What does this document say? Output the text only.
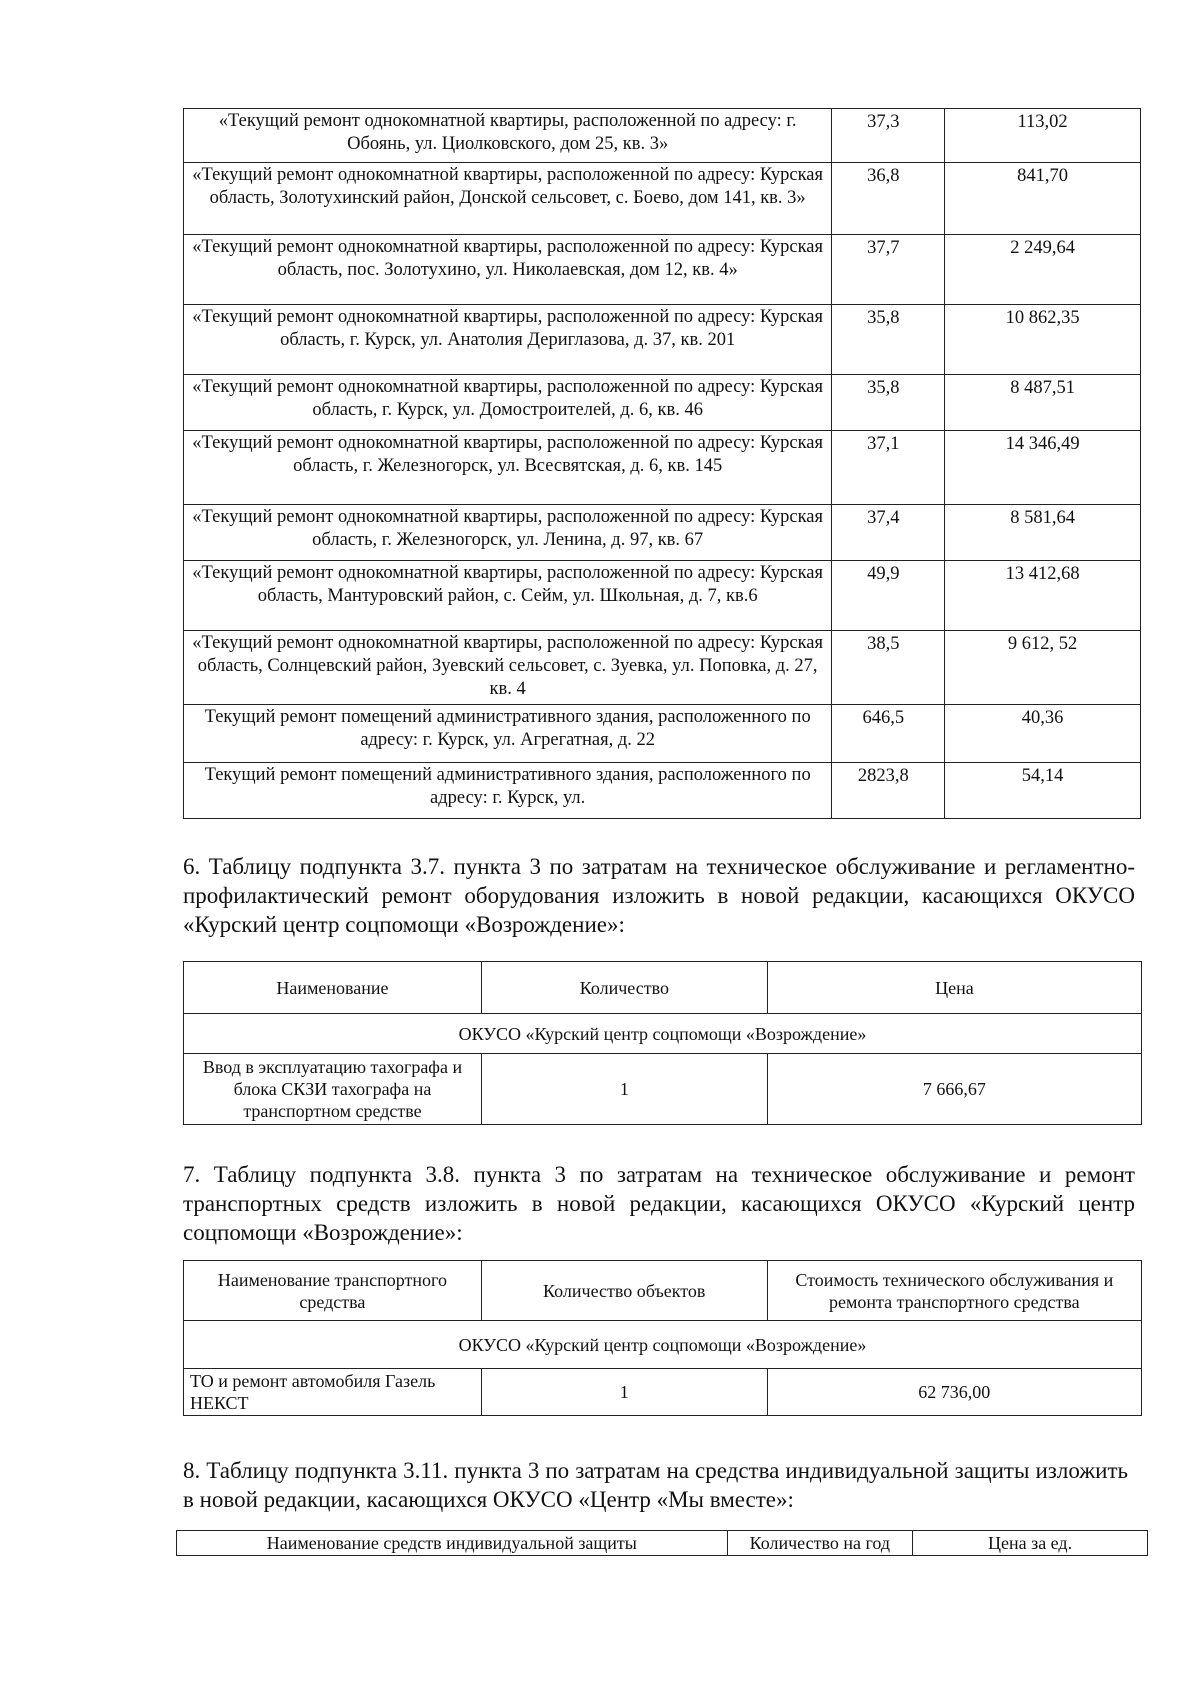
«Текущий ремонт однокомнатной квартиры, расположенной по адресу: г. Обоянь, ул. Циолковского, дом 25, кв. 3»	37,3	113,02
«Текущий ремонт однокомнатной квартиры, расположенной по адресу: Курская область, Золотухинский район, Донской сельсовет, с. Боево, дом 141, кв. 3»	36,8	841,70
«Текущий ремонт однокомнатной квартиры, расположенной по адресу: Курская область, пос. Золотухино, ул. Николаевская, дом 12, кв. 4»	37,7	2 249,64
«Текущий ремонт однокомнатной квартиры, расположенной по адресу: Курская область, г. Курск, ул. Анатолия Дериглазова, д. 37, кв. 201	35,8	10 862,35
«Текущий ремонт однокомнатной квартиры, расположенной по адресу: Курская область, г. Курск, ул. Домостроителей, д. 6, кв. 46	35,8	8 487,51
«Текущий ремонт однокомнатной квартиры, расположенной по адресу: Курская область, г. Железногорск, ул. Всесвятская, д. 6, кв. 145	37,1	14 346,49
«Текущий ремонт однокомнатной квартиры, расположенной по адресу: Курская область, г. Железногорск, ул. Ленина, д. 97, кв. 67	37,4	8 581,64
«Текущий ремонт однокомнатной квартиры, расположенной по адресу: Курская область, Мантуровский район, с. Сейм, ул. Школьная, д. 7, кв.6	49,9	13 412,68
«Текущий ремонт однокомнатной квартиры, расположенной по адресу: Курская область, Солнцевский район, Зуевский сельсовет, с. Зуевка, ул. Поповка, д. 27, кв. 4	38,5	9 612, 52
Текущий ремонт помещений административного здания, расположенного по адресу: г. Курск, ул. Агрегатная, д. 22	646,5	40,36
Текущий ремонт помещений административного здания, расположенного по адресу: г. Курск, ул.	2823,8	54,14

6. Таблицу подпункта 3.7. пункта 3 по затратам на техническое обслуживание и регламентно-профилактический ремонт оборудования изложить в новой редакции, касающихся ОКУСО «Курский центр соцпомощи «Возрождение»:

Наименование	Количество	Цена
ОКУСО «Курский центр соцпомощи «Возрождение»		
Ввод в эксплуатацию тахографа и блока СКЗИ тахографа на транспортном средстве	1	7 666,67

7. Таблицу подпункта 3.8. пункта 3 по затратам на техническое обслуживание и ремонт транспортных средств изложить в новой редакции, касающихся ОКУСО «Курский центр соцпомощи «Возрождение»:

Наименование транспортного средства	Количество объектов	Стоимость технического обслуживания и ремонта транспортного средства
ОКУСО «Курский центр соцпомощи «Возрождение»		
ТО и ремонт автомобиля Газель НЕКСТ	1	62 736,00

8. Таблицу подпункта 3.11. пункта 3 по затратам на средства индивидуальной защиты изложить в новой редакции, касающихся ОКУСО «Центр «Мы вместе»:

Наименование средств индивидуальной защиты	Количество на год	Цена за ед.
